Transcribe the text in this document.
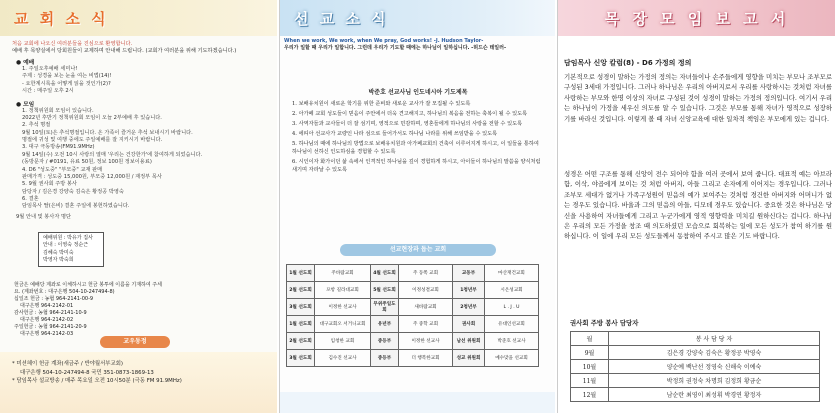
교 회 소 식
처음 교회에 나오신 여러분들을 진심으로 환영합니다.
예배 후 목양실에서 당회원들이 교제하며 안내해 드립니다. (교회가 여러분을 위해 기도하겠습니다.)
● 예배
1. 주일오후예배 세미나!
주제 : 성경을 보는 눈을 여는 비법(14)!
- 요한계시록을 어떻게 읽을 것인가(2)?
시간 : 매주일 오후 2시
● 모임
1. 정책위원회 모임이 있습니다.
2022년 후반기 정책위원회 모임이 오늘 2부예배 후 있습니다.
2. 추석 명절
9월 10일(토)은 추석명절입니다. 온 가족이 즐거운 추석 보내시기 바랍니다.
명절에 귀성 및 여행 중에도 주일예배를 잘 지키시기 바랍니다.
3. 대구 극동방송(FM91.9MHz)
9월 14일(수) 오전 10시 사랑의 열매 '우리는 건강한가'에 참여하게 되었습니다.
(동방문자 / #0191, 유료 50원, 정보 100원 정보이용료)
4. D6 "성도중" "부모중" 교재 판매
판매가격 : 성도중 15,000원, 부모중 12,000원 / 재정부 목사
5. 9월 권사회 주방 봉사
담당자 / 김은경 강양숙 김숙은 황정공 박영숙
6. 결혼
담임목사 딸(은비) 결혼 주일에 봉헌하였습니다.
9월 안내 및 봉사자 명단
예배위원 : 박유가 집사
안내 : 이영숙 정순근
김혜숙 박미숙
박영자 박숙희
헌금은 예배당 계좌로 이체하시고 헌금 봉투에 이름을 기재하여 주세요. (계좌번호 : 대구은행 504-10-247494-8)
십일조 헌금 : 농협 964-2141-00-9
대구은행 964-2142-01
감사헌금 : 농협 964-2141-10-9
대구은행 964-2142-02
주일헌금 : 농협 964-2141-20-9
대구은행 964-2142-03
교우동정
* 미션헤이 헌금 계좌(새금주 / 반야월서부교회)
대구은행 504-10-247494-8 국민 351-0873-1869-13
* 담임목사 설교방송 / 매주 목요일 오전 10시50분 (극동 FM 91.9MHz)
선 교 소 식
When we work, We work, when We pray, God works! -J. Hudson Taylor-
우리가 일할 때 우리가 일합니다. 그런데 우리가 기도할 때에는 하나님이 일하십니다. -허드슨 테일러-
박준호 선교사님 인도네시아 기도제목
1. 보배유치원이 새로운 학기를 위한 준비와 새로운 교사가 잘 모집될 수 있도록
2. 아가페 교회 성도들이 믿음이 주안에서 더욱 견고해지고, 하나님의 복음을 전하는 축복이 될 수 있도록
3. 사역자들과 교사들이 더 잘 섬기며, 영적으로 민감하며, 영혼들에게 하나님의 사랑을 전할 수 있도록
4. 에띠아 선교사가 교량인 나라 섬으로 들어가서도 하나님 나라를 위해 쓰임받을 수 있도록
5. 하나님의 때에 하나님의 방법으로 보배유치원과 아가페교회의 건축이 이루어지게 하시고, 이 일들을 통하여 하나님이 선하신 인도하심을 경험할 수 있도록
6. 시인이자 화가이던 삶 속에서 인격적인 하나님을 깊이 경험하게 하시고, 아이들이 하나님의 말씀을 양식처럼 새기며 자라날 수 있도록
선교현장과 돕는 교회
1월 선도회	주바람교회	4월 선도회	주 동쪽 교회	교동부	마산재건교회
2월 선도회	포항 길라대교회	5월 선도회	이정성결교회	1청년부	시온성교회
3월 선도회	이정한 선교사	무위주일도회	새바람교회	2청년부	L . J . U
1월 선도회	대구교회오 서거니교회	유년부	주 중학 교회	권사회	유대인선교회
2월 선도회	임청한 교회	중등부	이정한 선교사	남선 위원회	박준호 선교사
3월 선도회	김수진 선교사	중등부	더 행복한교회	성교 위원회	예수맞을 선교회
목 장 모 임 보 고 서
담임목사 신앙 칼럼(8) - D6 가정의 정의
기본적으로 성경이 말하는 가정의 정의는 자녀들이나 손주들에게 영향을 미치는 부모나 조부모로 구성된 3세대 가정입니다. 그러나 하나님은 우리의 아버지로서 우리를 사랑하시는 것처럼 자녀를 사랑하는 부모와 한명 이상의 자녀로 구성된 것이 성경이 말하는 가정의 정의입니다. 여기서 우리는 하나님이 가정을 세우신 의도를 알 수 있습니다. 그것은 부모를 통해 자녀가 영적으로 성장하기를 바라신 것입니다. 이렇게 볼 때 자녀 신앙교육에 대한 일차적 책임은 부모에게 있는 겁니다.
성경은 어떤 구조를 통해 신앙이 전수 되어야 함을 여러 곳에서 보여 줍니다. 대표적 예는 아브라함, 이삭, 야곱에게 보이는 것 처럼 아버지, 아들 그리고 손자에게 이어지는 경우입니다. 그러나 조부모 세대가 없거나 가족구성원이 믿음의 예가 보여주는 것처럼 경건한 아버지와 어머니가 없는 경우도 있습니다. 바울과 그의 믿음의 아들, 디모데 경우도 있습니다. 중요한 것은 하나님은 당신을 사용하여 자녀들에게 그리고 누군가에게 영적 영향력을 미치길 원하신다는 겁니다. 하나님은 우리의 모든 가정을 창조 때 의도하셨던 모습으로 회복하는 일에 모든 성도가 참여 하기를 원하십니다. 이 일에 우리 모든 성도들께서 동참하여 주시고 많은 기도 바랍니다.
권사회 주방 봉사 담당자
월	봉 사 담 당 자
9월	김은경 강양숙 김숙은 황정공 박영숙
10월	양순예 백난선 정영숙 신해숙 이예숙
11월	박정희 권정숙 차명희 김정희 황금순
12월	남순란 최영이 최성휘 박경연 황정자
